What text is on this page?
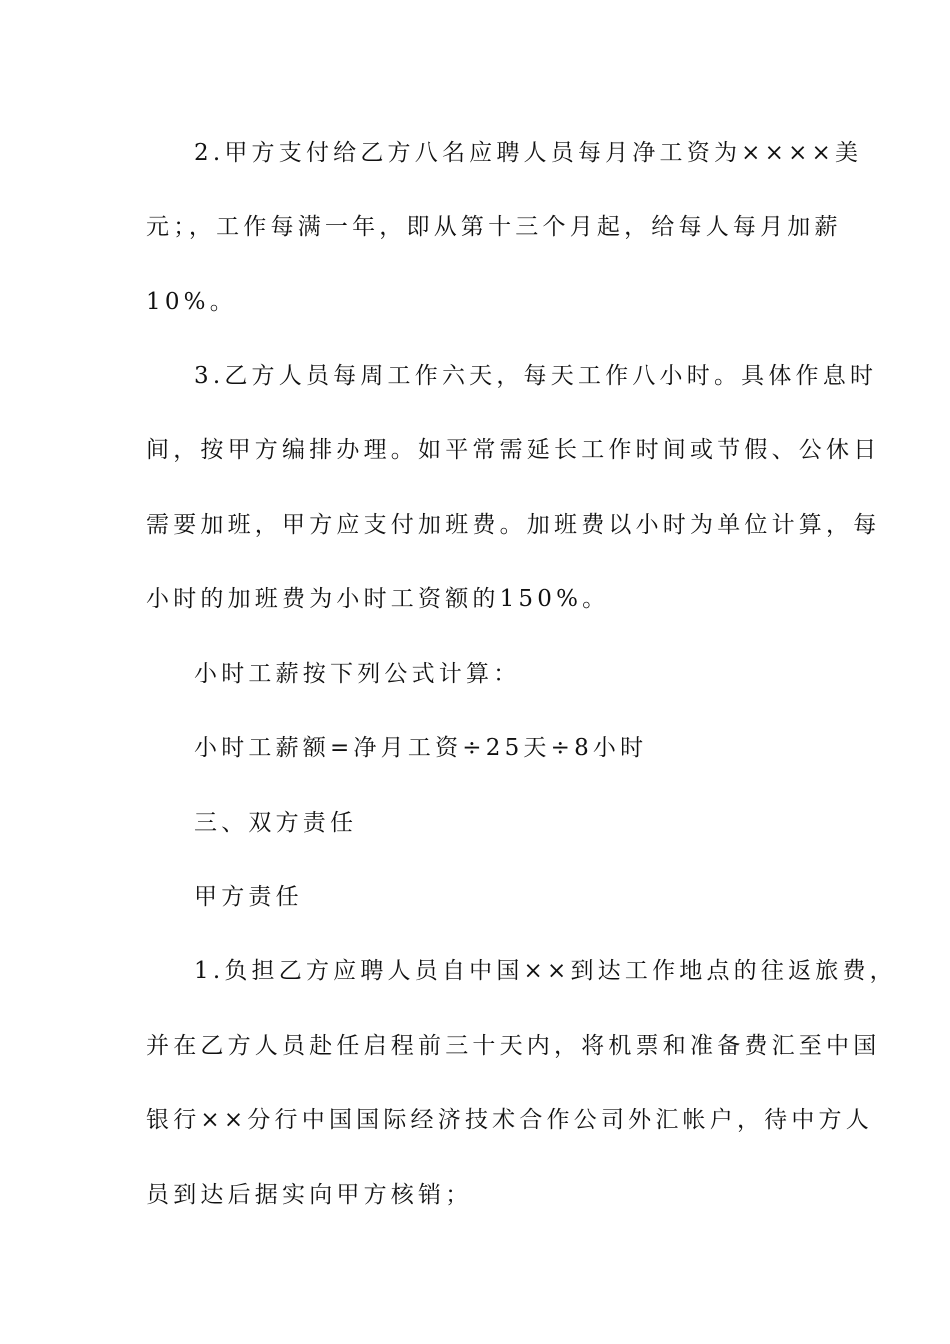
2.甲方支付给乙方八名应聘人员每月净工资为××××美
元；，工作每满一年，即从第十三个月起，给每人每月加薪
10%。
3.乙方人员每周工作六天，每天工作八小时。具体作息时
间，按甲方编排办理。如平常需延长工作时间或节假、公休日
需要加班，甲方应支付加班费。加班费以小时为单位计算，每
小时的加班费为小时工资额的150%。
小时工薪按下列公式计算：
小时工薪额=净月工资÷25天÷8小时
三、双方责任
甲方责任
1.负担乙方应聘人员自中国××到达工作地点的往返旅费，
并在乙方人员赴任启程前三十天内，将机票和准备费汇至中国
银行××分行中国国际经济技术合作公司外汇帐户，待中方人
员到达后据实向甲方核销；
